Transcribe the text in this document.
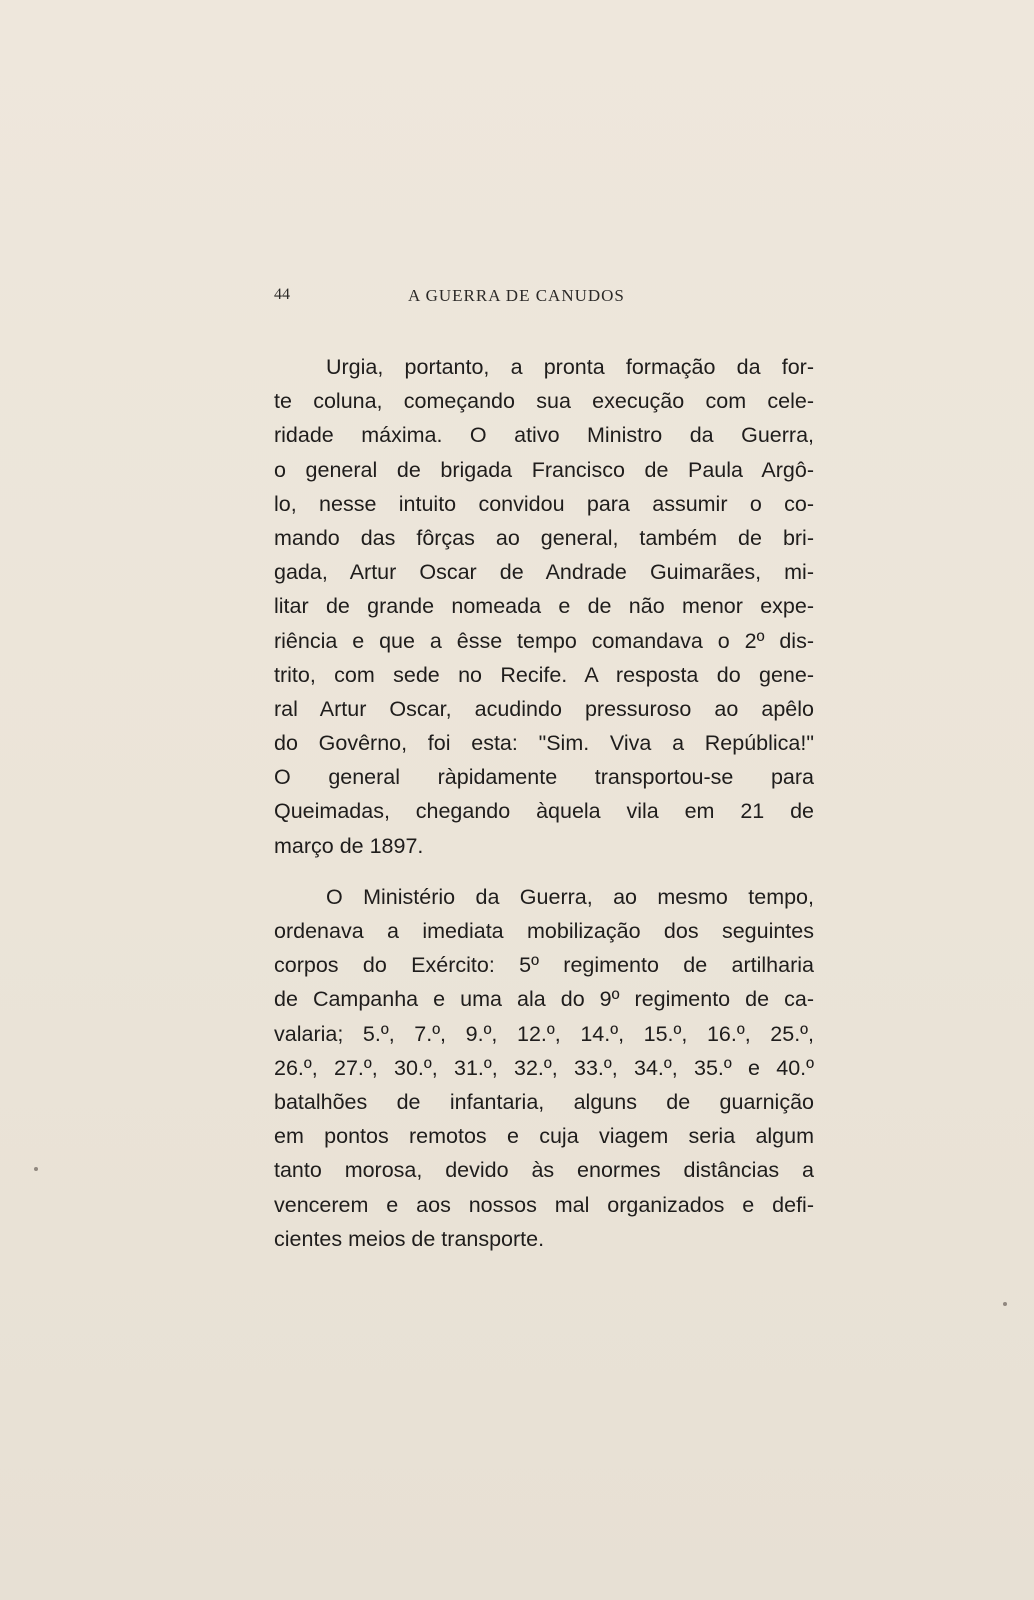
44	A GUERRA DE CANUDOS

Urgia, portanto, a pronta formação da for-
te coluna, começando sua execução com cele-
ridade máxima. O ativo Ministro da Guerra,
o general de brigada Francisco de Paula Argô-
lo, nesse intuito convidou para assumir o co-
mando das fôrças ao general, também de bri-
gada, Artur Oscar de Andrade Guimarães, mi-
litar de grande nomeada e de não menor expe-
riência e que a êsse tempo comandava o 2º dis-
trito, com sede no Recife. A resposta do gene-
ral Artur Oscar, acudindo pressuroso ao apêlo
do Govêrno, foi esta: "Sim. Viva a República!"
O general ràpidamente transportou-se para
Queimadas, chegando àquela vila em 21 de
março de 1897.

O Ministério da Guerra, ao mesmo tempo,
ordenava a imediata mobilização dos seguintes
corpos do Exército: 5º regimento de artilharia
de Campanha e uma ala do 9º regimento de ca-
valaria; 5.º, 7.º, 9.º, 12.º, 14.º, 15.º, 16.º, 25.º,
26.º, 27.º, 30.º, 31.º, 32.º, 33.º, 34.º, 35.º e 40.º
batalhões de infantaria, alguns de guarnição
em pontos remotos e cuja viagem seria algum
tanto morosa, devido às enormes distâncias a
vencerem e aos nossos mal organizados e defi-
cientes meios de transporte.
